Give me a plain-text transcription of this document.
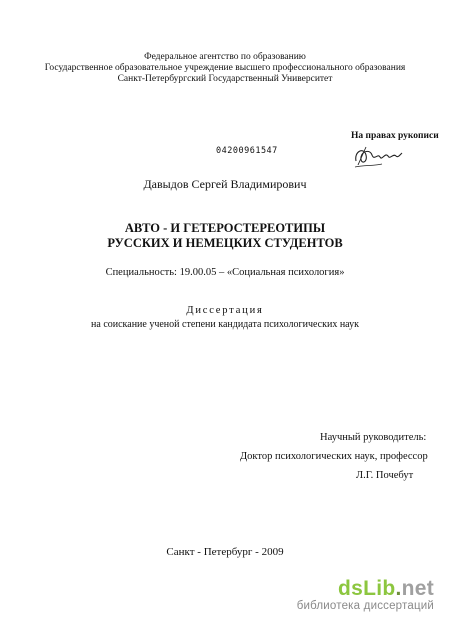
Федеральное агентство по образованию
Государственное образовательное учреждение высшего профессионального образования
Санкт-Петербургский Государственный Университет
На правах рукописи
04200961547
Давыдов Сергей Владимирович
АВТО - И ГЕТЕРОСТЕРЕОТИПЫ
РУССКИХ И НЕМЕЦКИХ СТУДЕНТОВ
Специальность: 19.00.05 – «Социальная психология»
Диссертация
на соискание ученой степени кандидата психологических наук
Научный руководитель:
Доктор психологических наук, профессор
Л.Г. Почебут
Санкт - Петербург - 2009
dsLib.net
библиотека диссертаций
